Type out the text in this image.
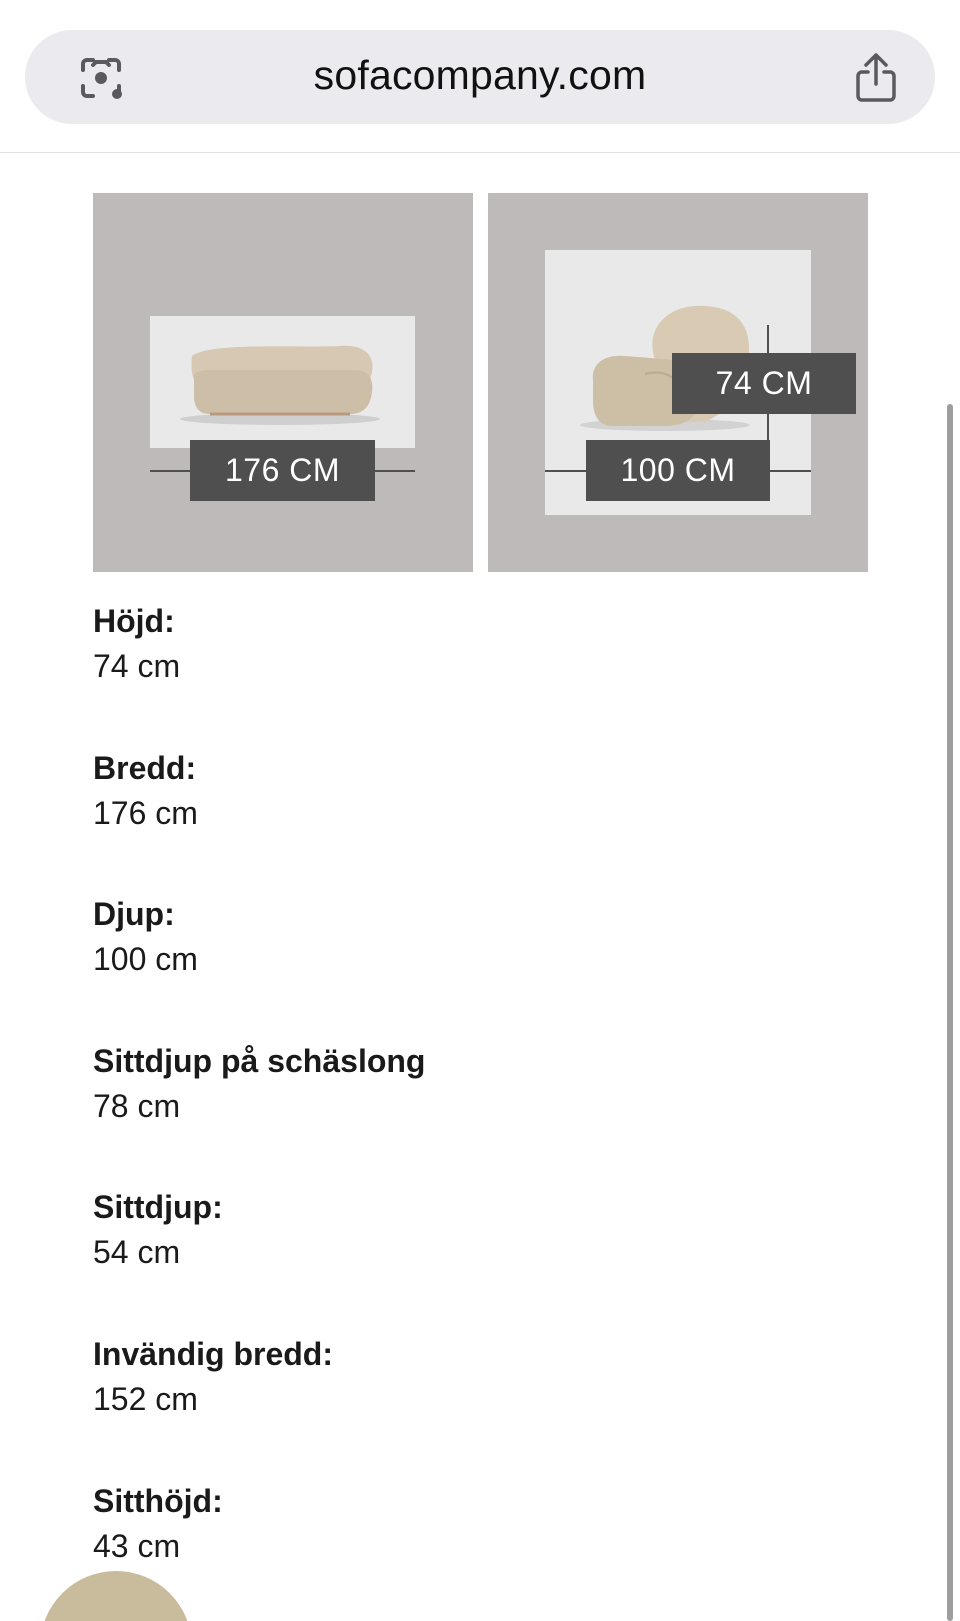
sofacompany.com
176 CM
74 CM
100 CM
Höjd:
74 cm
Bredd:
176 cm
Djup:
100 cm
Sittdjup på schäslong
78 cm
Sittdjup:
54 cm
Invändig bredd:
152 cm
Sitthöjd:
43 cm
